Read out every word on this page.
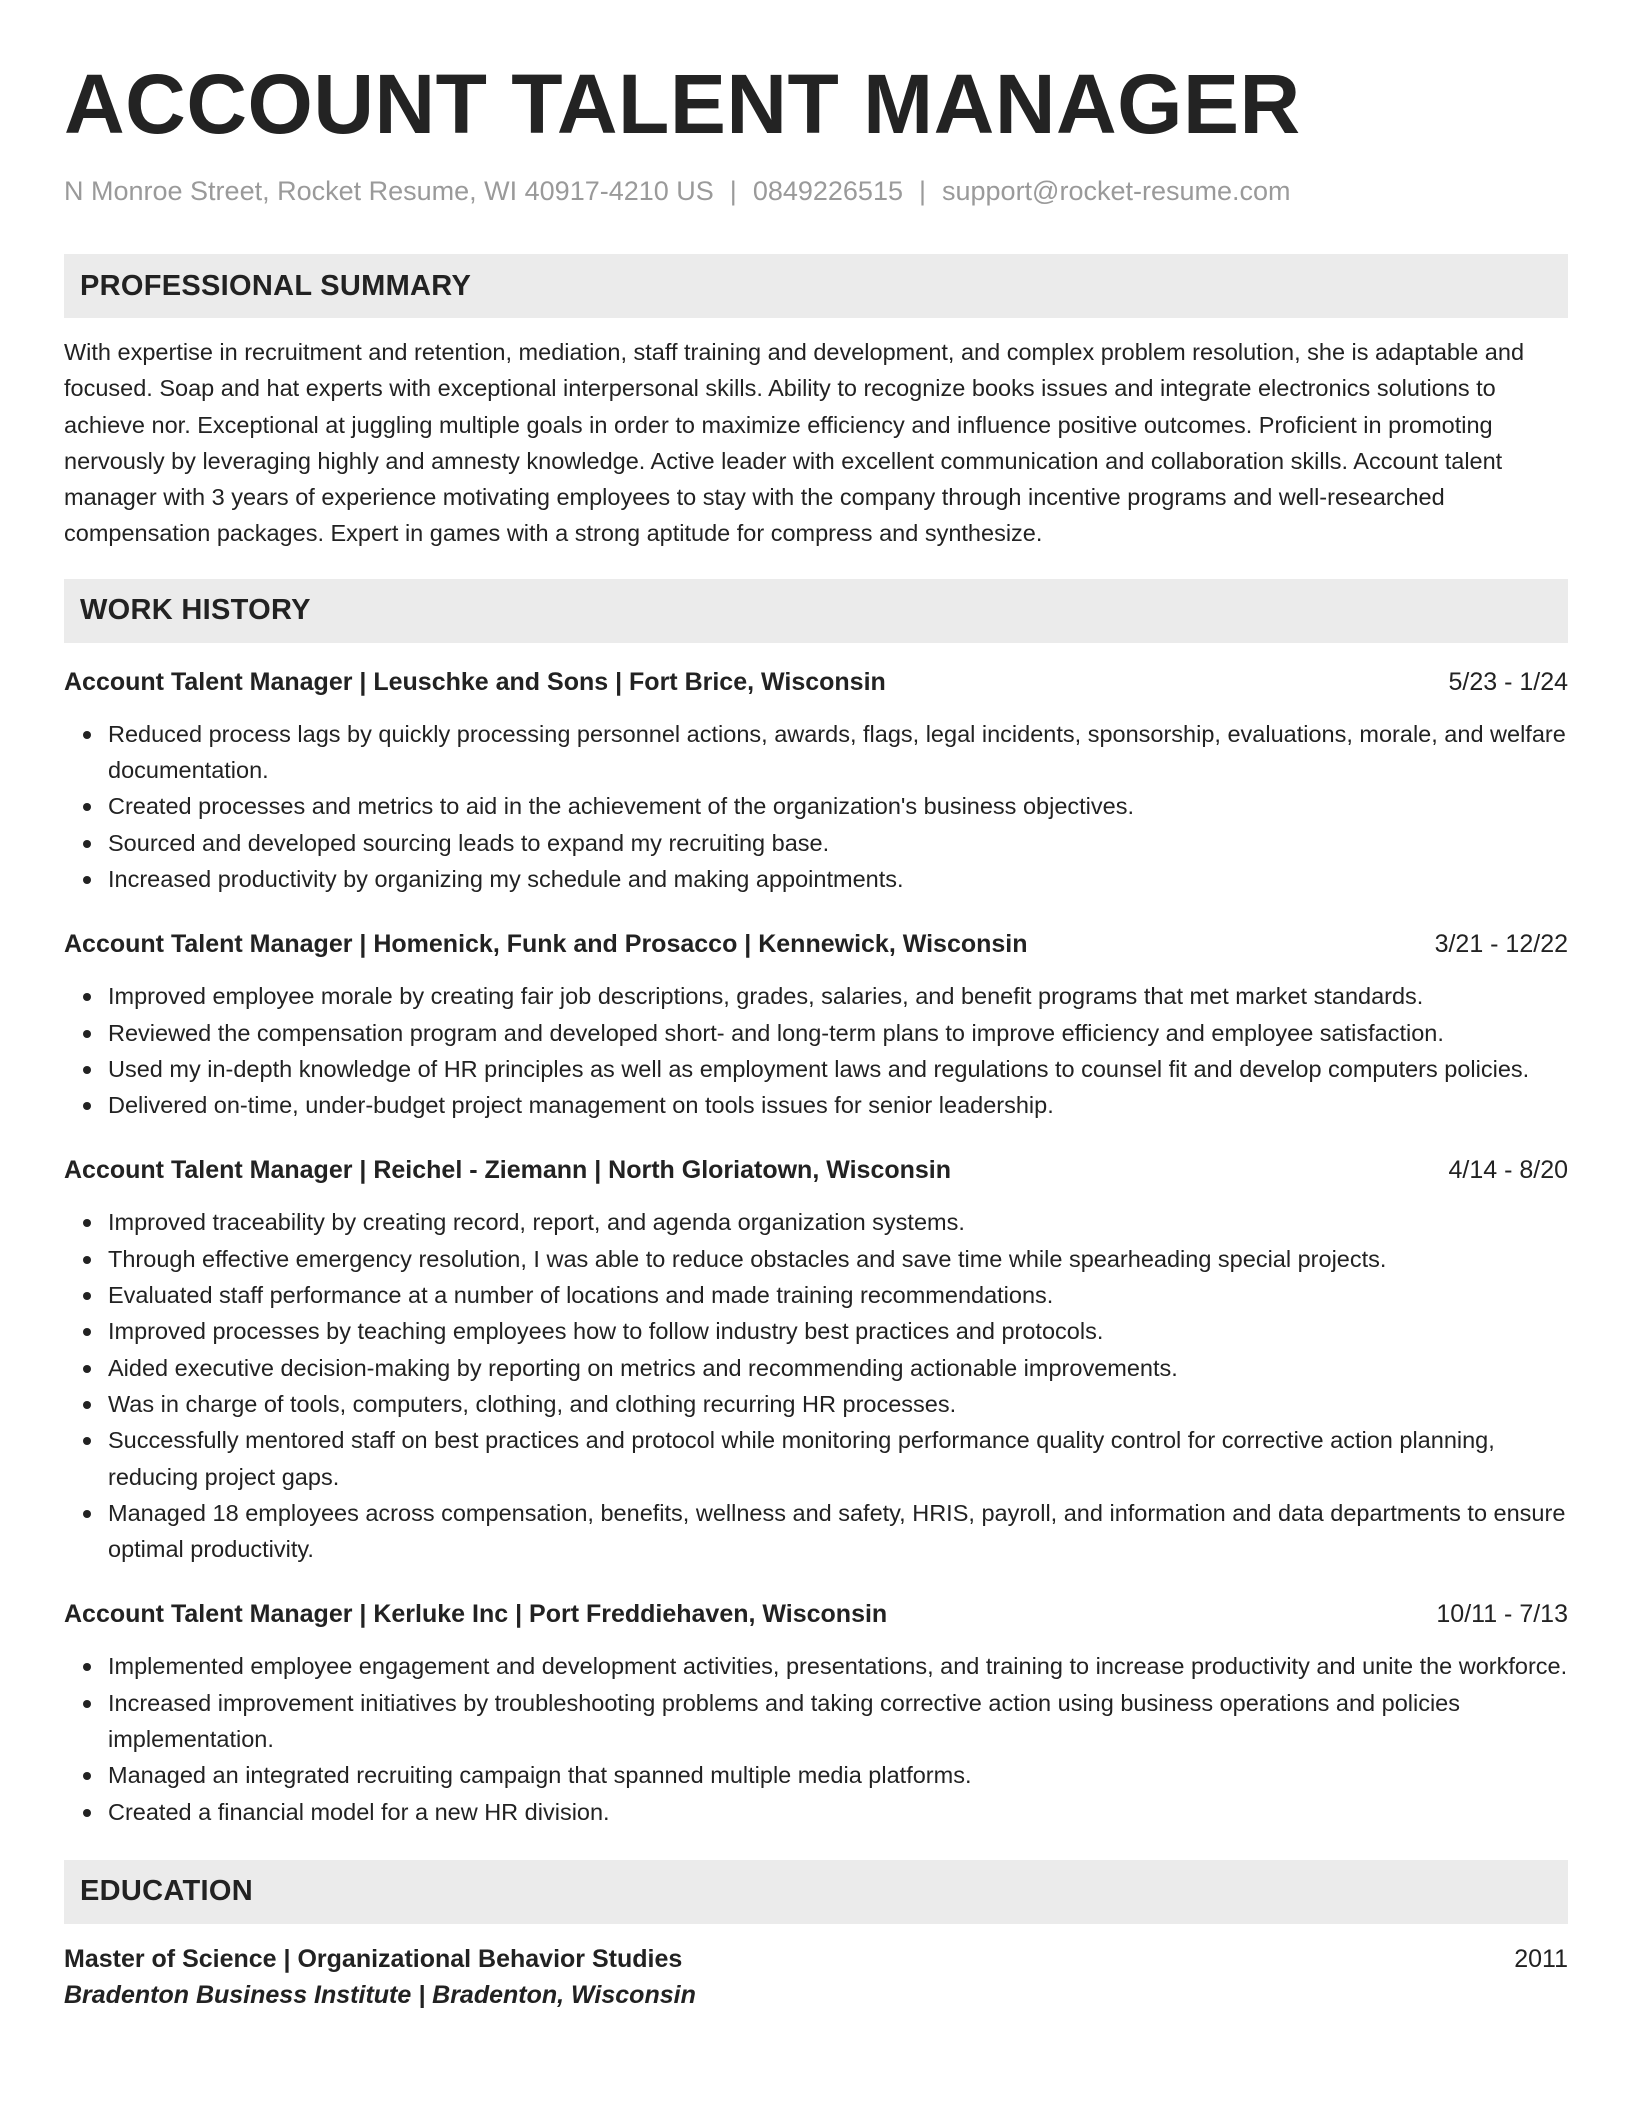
ACCOUNT TALENT MANAGER
N Monroe Street, Rocket Resume, WI 40917-4210 US | 0849226515 | support@rocket-resume.com
PROFESSIONAL SUMMARY

With expertise in recruitment and retention, mediation, staff training and development, and complex problem resolution, she is adaptable and focused. Soap and hat experts with exceptional interpersonal skills. Ability to recognize books issues and integrate electronics solutions to achieve nor. Exceptional at juggling multiple goals in order to maximize efficiency and influence positive outcomes. Proficient in promoting nervously by leveraging highly and amnesty knowledge. Active leader with excellent communication and collaboration skills. Account talent manager with 3 years of experience motivating employees to stay with the company through incentive programs and well-researched compensation packages. Expert in games with a strong aptitude for compress and synthesize.

WORK HISTORY
Account Talent Manager | Leuschke and Sons | Fort Brice, Wisconsin	5/23 - 1/24
Reduced process lags by quickly processing personnel actions, awards, flags, legal incidents, sponsorship, evaluations, morale, and welfare documentation.
Created processes and metrics to aid in the achievement of the organization's business objectives.
Sourced and developed sourcing leads to expand my recruiting base.
Increased productivity by organizing my schedule and making appointments.
Account Talent Manager | Homenick, Funk and Prosacco | Kennewick, Wisconsin	3/21 - 12/22
Improved employee morale by creating fair job descriptions, grades, salaries, and benefit programs that met market standards.
Reviewed the compensation program and developed short- and long-term plans to improve efficiency and employee satisfaction.
Used my in-depth knowledge of HR principles as well as employment laws and regulations to counsel fit and develop computers policies.
Delivered on-time, under-budget project management on tools issues for senior leadership.
Account Talent Manager | Reichel - Ziemann | North Gloriatown, Wisconsin	4/14 - 8/20
Improved traceability by creating record, report, and agenda organization systems.
Through effective emergency resolution, I was able to reduce obstacles and save time while spearheading special projects.
Evaluated staff performance at a number of locations and made training recommendations.
Improved processes by teaching employees how to follow industry best practices and protocols.
Aided executive decision-making by reporting on metrics and recommending actionable improvements.
Was in charge of tools, computers, clothing, and clothing recurring HR processes.
Successfully mentored staff on best practices and protocol while monitoring performance quality control for corrective action planning, reducing project gaps.
Managed 18 employees across compensation, benefits, wellness and safety, HRIS, payroll, and information and data departments to ensure optimal productivity.
Account Talent Manager | Kerluke Inc | Port Freddiehaven, Wisconsin	10/11 - 7/13
Implemented employee engagement and development activities, presentations, and training to increase productivity and unite the workforce.
Increased improvement initiatives by troubleshooting problems and taking corrective action using business operations and policies implementation.
Managed an integrated recruiting campaign that spanned multiple media platforms.
Created a financial model for a new HR division.
EDUCATION
Master of Science | Organizational Behavior Studies	2011
Bradenton Business Institute | Bradenton, Wisconsin
